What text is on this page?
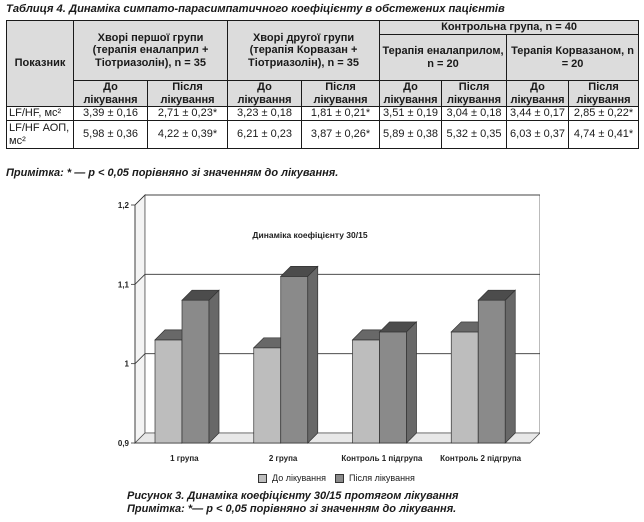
Таблиця 4. Динаміка симпато-парасимпатичного коефіцієнту в обстежених пацієнтів
Показник	Хворі першої групи (терапія еналаприл + Тіотриазолін), n = 35		Хворі другої групи (терапія Корвазан + Тіотриазолін), n = 35		Контрольна група, n = 40			
					Терапія еналаприлом, n = 20		Терапія Корвазаном, n = 20	
	До лікування	Після лікування	До лікування	Після лікування	До лікування	Після лікування	До лікування	Після лікування
LF/HF, мс²	3,39 ± 0,16	2,71 ± 0,23*	3,23 ± 0,18	1,81 ± 0,21*	3,51 ± 0,19	3,04 ± 0,18	3,44 ± 0,17	2,85 ± 0,22*
LF/HF АОП, мс²	5,98 ± 0,36	4,22 ± 0,39*	6,21 ± 0,23	3,87 ± 0,26*	5,89 ± 0,38	5,32 ± 0,35	6,03 ± 0,37	4,74 ± 0,41*
Примітка: * — р < 0,05 порівняно зі значенням до лікування.
0,9
1
1,1
1,2
Динаміка коефіцієнту 30/15
1 група	2 група	Контроль 1 підгрупа Контроль 2 підгрупа
До лікування	Після лікування
Рисунок 3. Динаміка коефіцієнту 30/15 протягом лікування
Примітка: *— р < 0,05 порівняно зі значенням до лікування.
